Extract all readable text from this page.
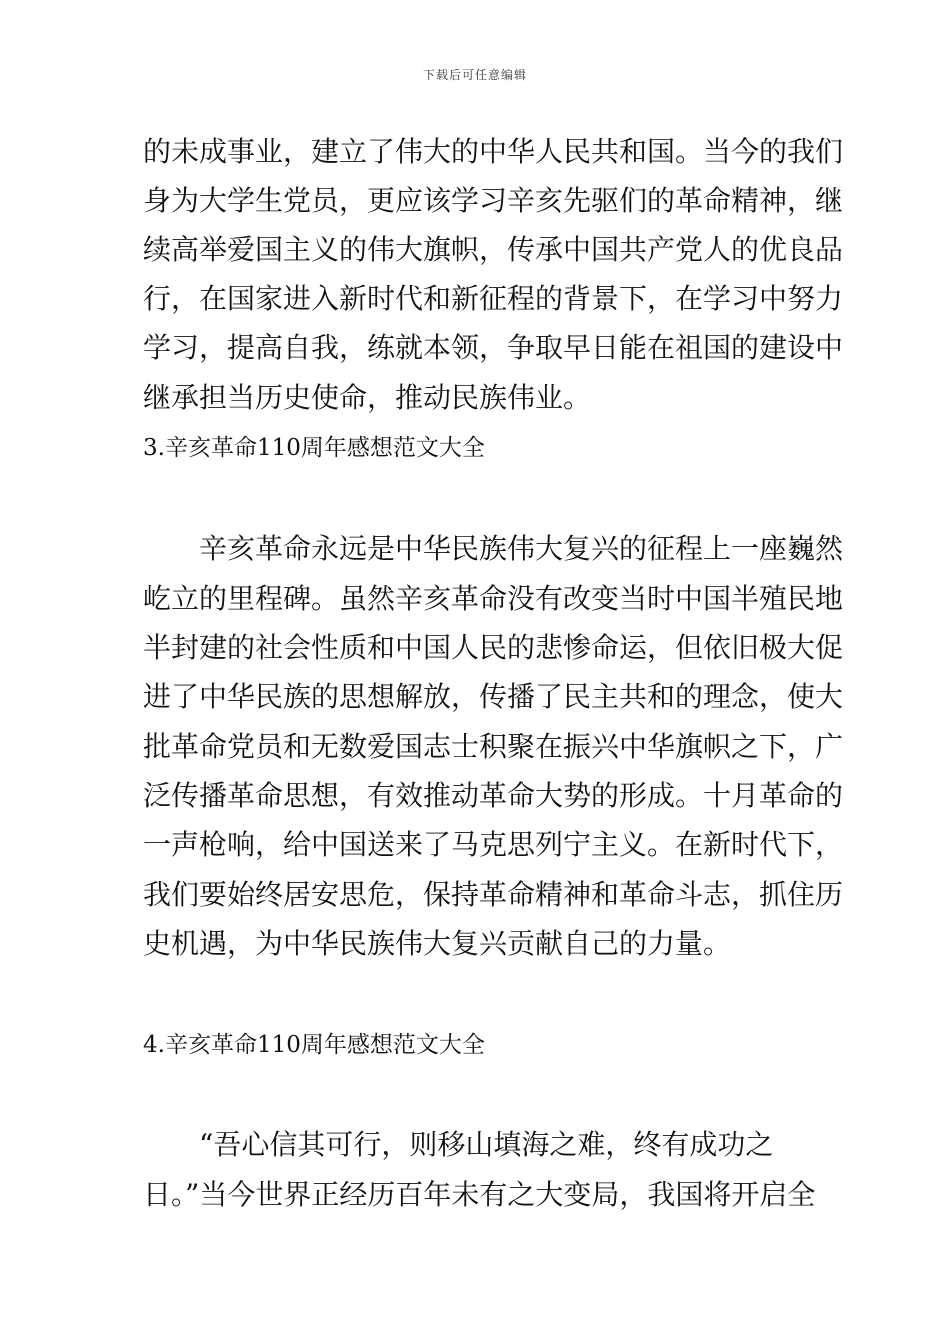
下载后可任意编辑
的未成事业，建立了伟大的中华人民共和国。当今的我们
身为大学生党员，更应该学习辛亥先驱们的革命精神，继
续高举爱国主义的伟大旗帜，传承中国共产党人的优良品
行，在国家进入新时代和新征程的背景下，在学习中努力
学习，提高自我，练就本领，争取早日能在祖国的建设中
继承担当历史使命，推动民族伟业。
3.辛亥革命110周年感想范文大全
　　辛亥革命永远是中华民族伟大复兴的征程上一座巍然
屹立的里程碑。虽然辛亥革命没有改变当时中国半殖民地
半封建的社会性质和中国人民的悲惨命运，但依旧极大促
进了中华民族的思想解放，传播了民主共和的理念，使大
批革命党员和无数爱国志士积聚在振兴中华旗帜之下，广
泛传播革命思想，有效推动革命大势的形成。十月革命的
一声枪响，给中国送来了马克思列宁主义。在新时代下，
我们要始终居安思危，保持革命精神和革命斗志，抓住历
史机遇，为中华民族伟大复兴贡献自己的力量。
4.辛亥革命110周年感想范文大全
　　“吾心信其可行，则移山填海之难，终有成功之
日。”当今世界正经历百年未有之大变局，我国将开启全
